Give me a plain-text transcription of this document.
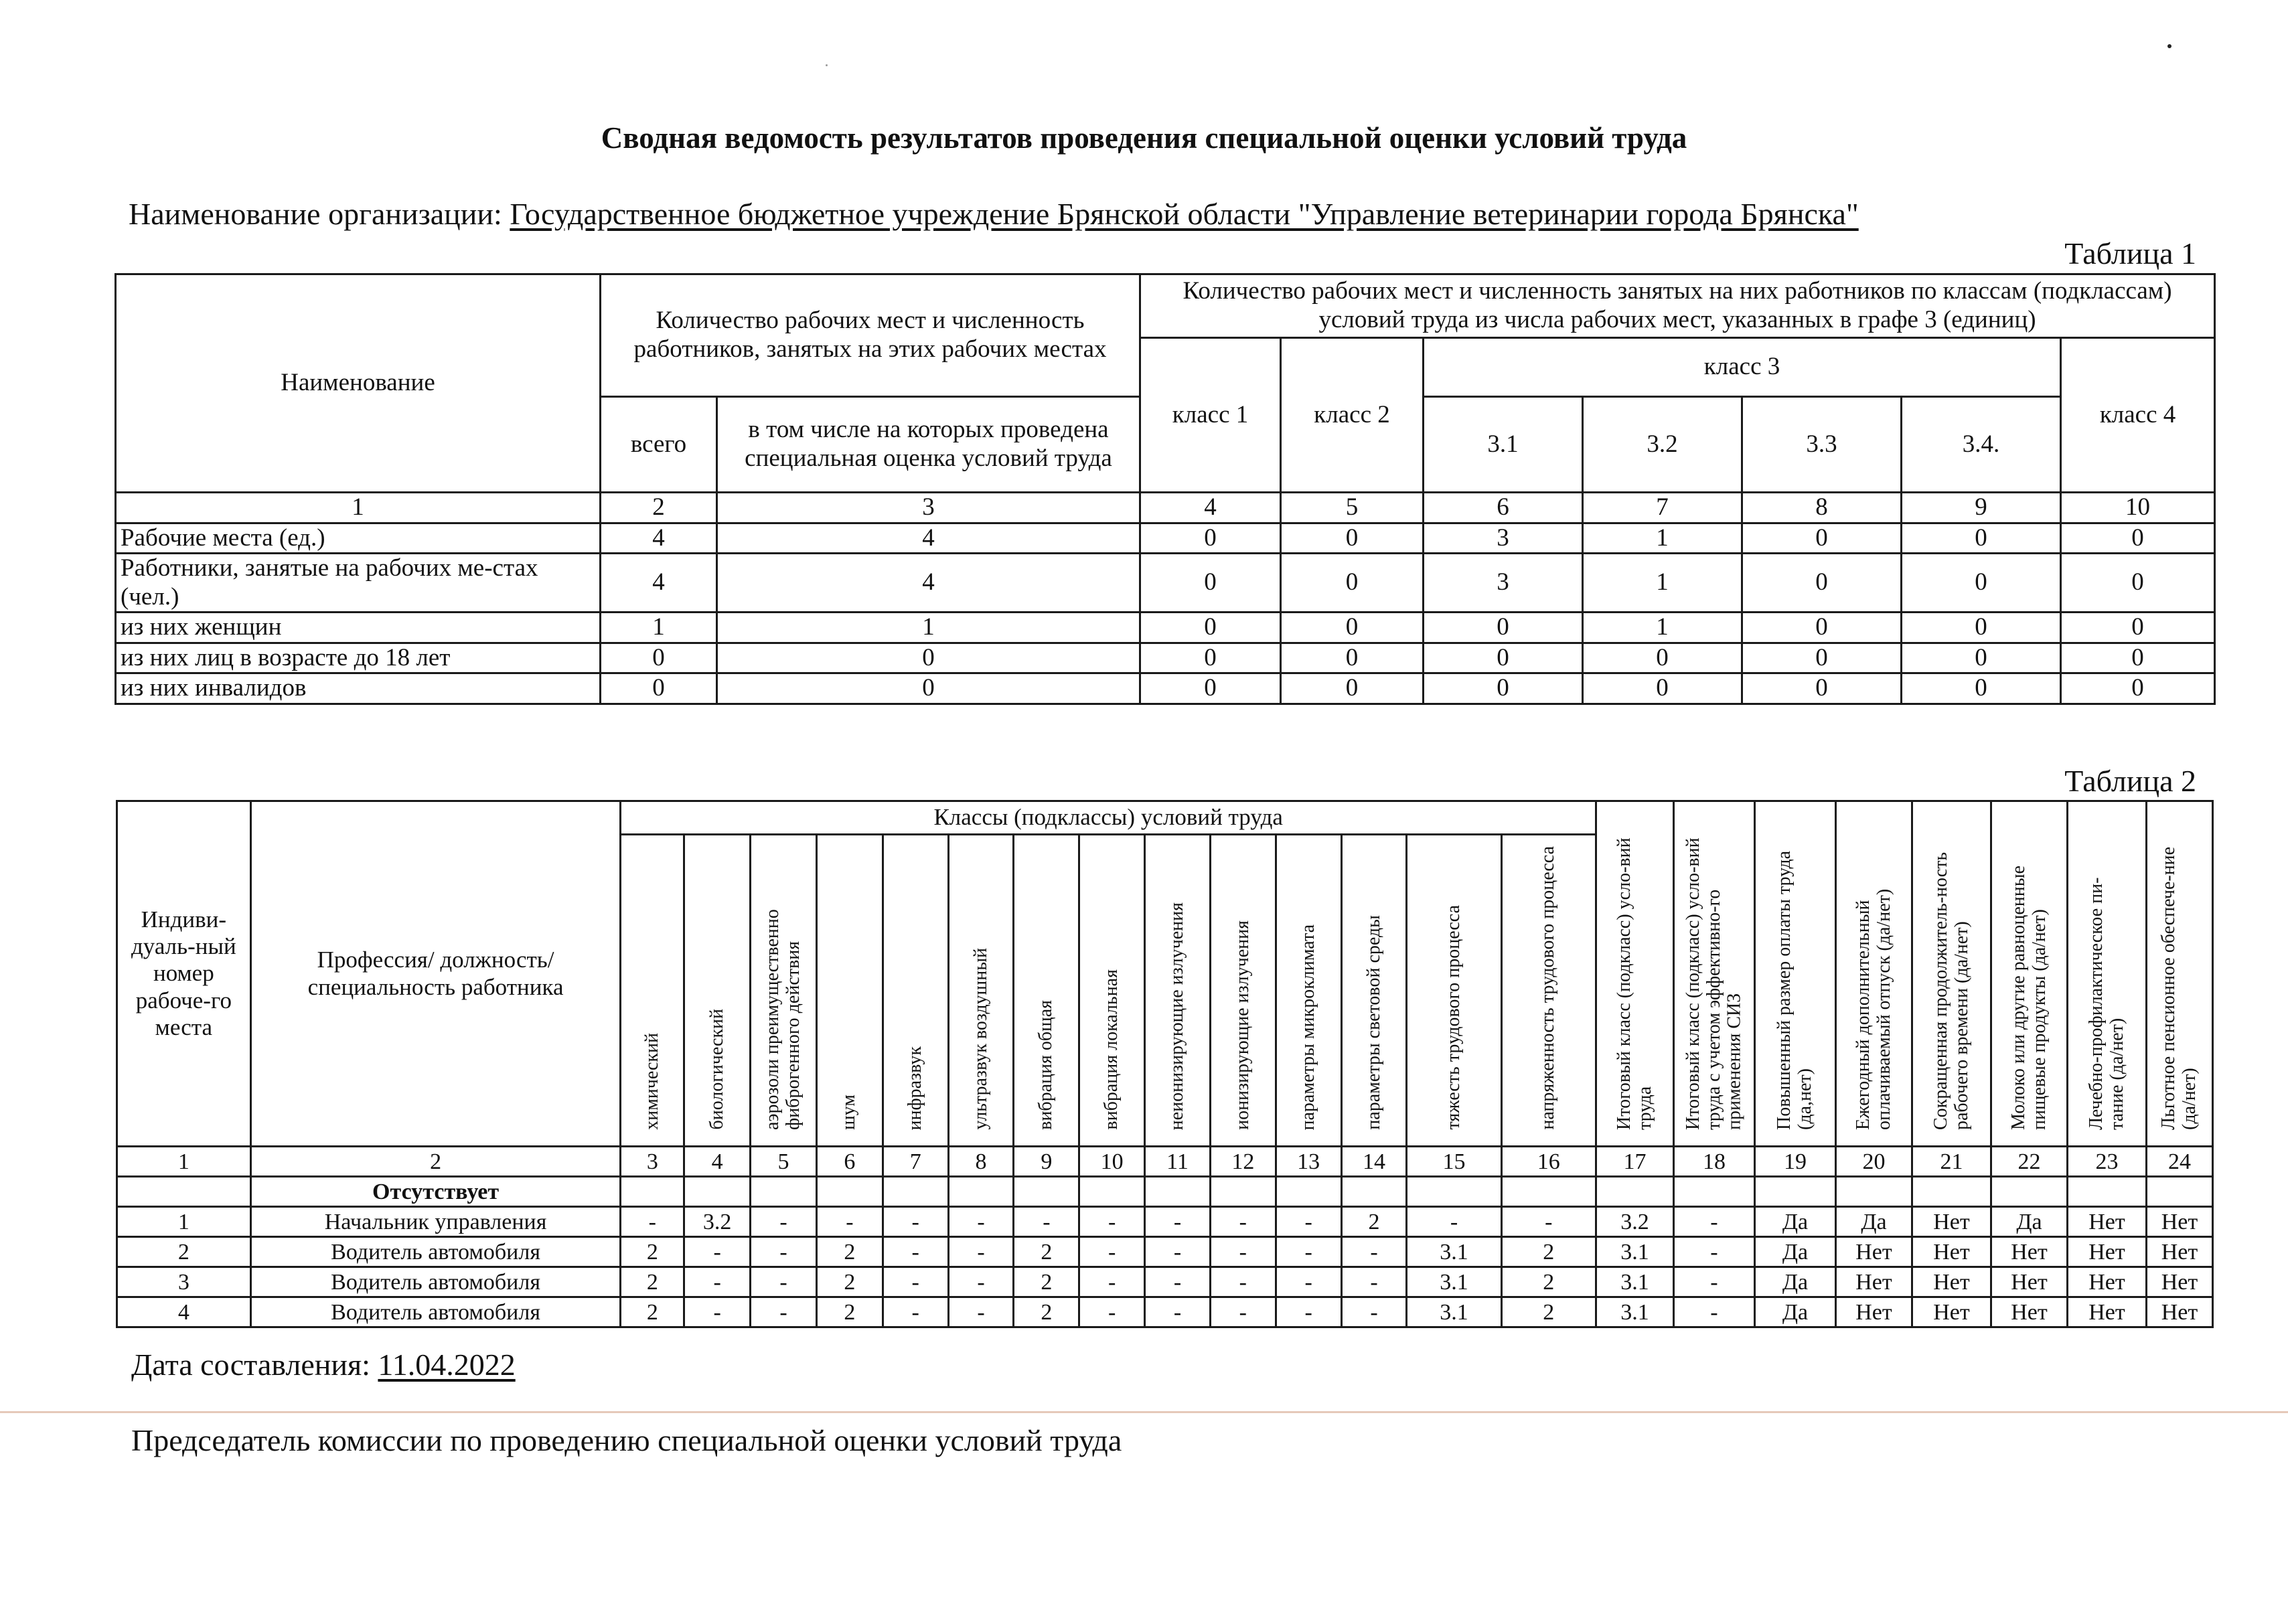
Сводная ведомость результатов проведения специальной оценки условий труда
Наименование организации: Государственное бюджетное учреждение Брянской области "Управление ветеринарии города Брянска"
Таблица 1
Наименование	Количество рабочих мест и численность работников, занятых на этих рабочих местах		Количество рабочих мест и численность занятых на них работников по классам (подклассам) условий труда из числа рабочих мест, указанных в графе 3 (единиц)						
			класс 1	класс 2	класс 3				класс 4
	всего	в том числе на которых проведена специальная оценка условий труда			3.1	3.2	3.3	3.4.	
1	2	3	4	5	6	7	8	9	10
Рабочие места (ед.)	4	4	0	0	3	1	0	0	0
Работники, занятые на рабочих ме-стах (чел.)	4	4	0	0	3	1	0	0	0
из них женщин	1	1	0	0	0	1	0	0	0
из них лиц в возрасте до 18 лет	0	0	0	0	0	0	0	0	0
из них инвалидов	0	0	0	0	0	0	0	0	0
Таблица 2
Индиви-дуаль-ный номер рабоче-го места	Профессия/ должность/ специальность работника	Классы (подклассы) условий труда														Итоговый класс (подкласс) усло-вий труда	Итоговый класс (подкласс) усло-вий труда с учетом эффективно-го применения СИЗ	Повышенный размер оплаты труда (да,нет)	Ежегодный дополнительный оплачиваемый отпуск (да/нет)	Сокращенная продолжитель-ность рабочего времени (да/нет)	Молоко или другие равноценные пищевые продукты (да/нет)	Лечебно-профилактическое пи-тание (да/нет)	Льготное пенсионное обеспече-ние (да/нет)
		химический	биологический	аэрозоли преимущественно фиброгенного действия	шум	инфразвук	ультразвук воздушный	вибрация общая	вибрация локальная	неионизирующие излучения	ионизирующие излучения	параметры микроклимата	параметры световой среды	тяжесть трудового процесса	напряженность трудового процесса								
1	2	3	4	5	6	7	8	9	10	11	12	13	14	15	16	17	18	19	20	21	22	23	24
	Отсутствует																						
1	Начальник управления	-	3.2	-	-	-	-	-	-	-	-	-	2	-	-	3.2	-	Да	Да	Нет	Да	Нет	Нет
2	Водитель автомобиля	2	-	-	2	-	-	2	-	-	-	-	-	3.1	2	3.1	-	Да	Нет	Нет	Нет	Нет	Нет
3	Водитель автомобиля	2	-	-	2	-	-	2	-	-	-	-	-	3.1	2	3.1	-	Да	Нет	Нет	Нет	Нет	Нет
4	Водитель автомобиля	2	-	-	2	-	-	2	-	-	-	-	-	3.1	2	3.1	-	Да	Нет	Нет	Нет	Нет	Нет
Дата составления: 11.04.2022
Председатель комиссии по проведению специальной оценки условий труда
